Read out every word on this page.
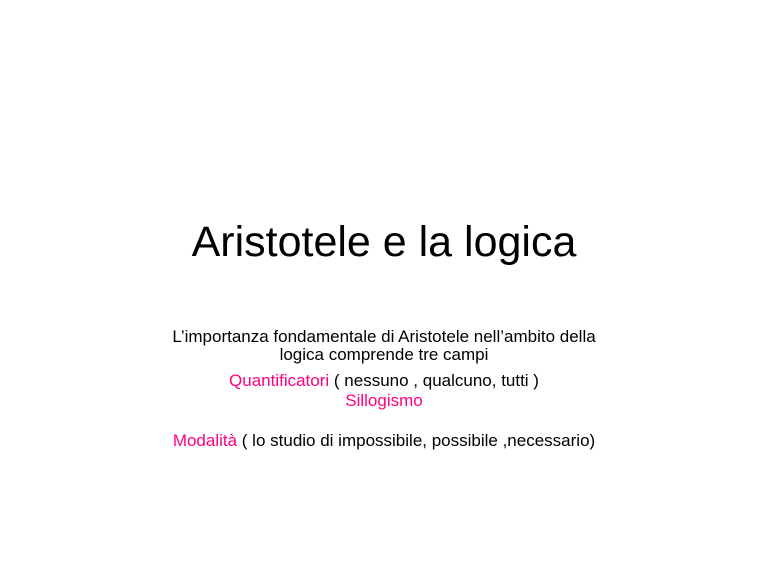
Aristotele e la logica
L’importanza fondamentale di Aristotele nell’ambito della
logica comprende tre campi
Quantificatori ( nessuno , qualcuno, tutti )
Sillogismo
Modalità ( lo studio di impossibile, possibile ,necessario)
